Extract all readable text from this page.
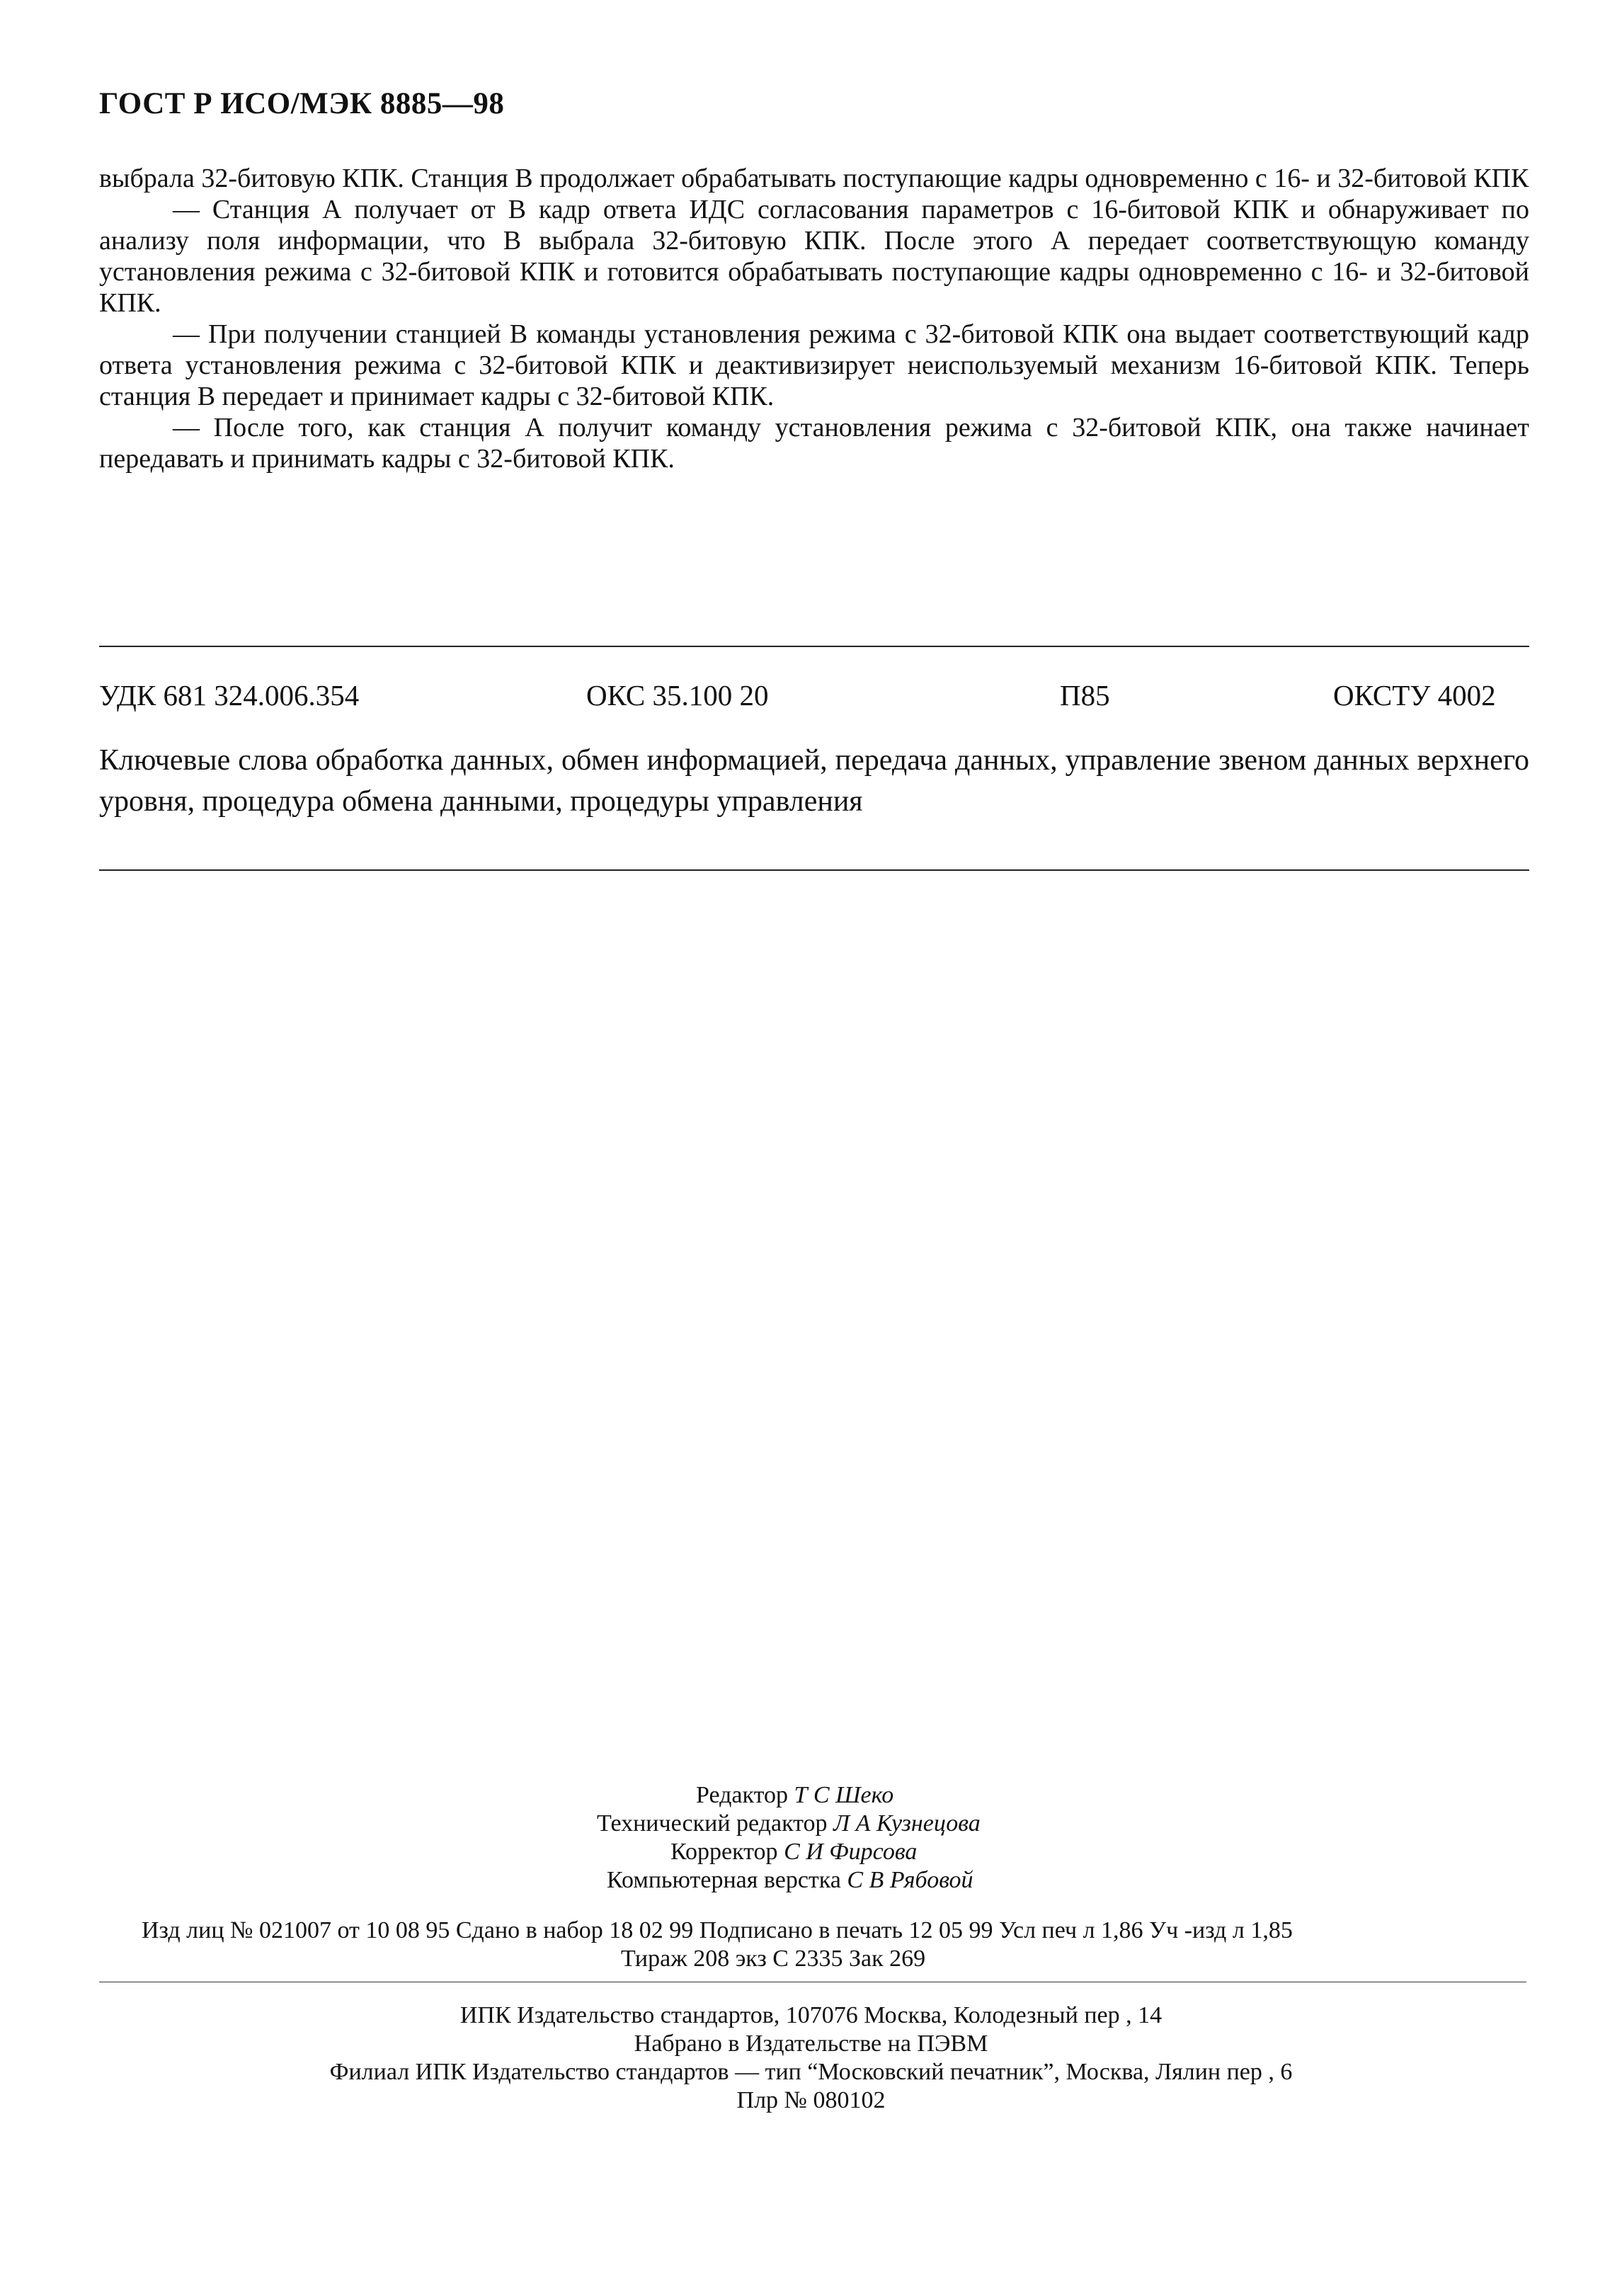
ГОСТ Р ИСО/МЭК 8885—98

выбрала 32-битовую КПК. Станция В продолжает обрабатывать поступающие кадры одновременно с 16- и 32-битовой КПК

— Станция А получает от В кадр ответа ИДС согласования параметров с 16-битовой КПК и обнаруживает по анализу поля информации, что В выбрала 32-битовую КПК. После этого А передает соответствующую команду установления режима с 32-битовой КПК и готовится обрабатывать поступающие кадры одновременно с 16- и 32-битовой КПК.

— При получении станцией В команды установления режима с 32-битовой КПК она выдает соответствующий кадр ответа установления режима с 32-битовой КПК и деактивизирует неиспользуемый механизм 16-битовой КПК. Теперь станция В передает и принимает кадры с 32-битовой КПК.

— После того, как станция А получит команду установления режима с 32-битовой КПК, она также начинает передавать и принимать кадры с 32-битовой КПК.

УДК 681 324.006.354	ОКС 35.100 20	П85	ОКСТУ 4002
Ключевые слова обработка данных, обмен информацией, передача данных, управление звеном данных верхнего уровня, процедура обмена данными, процедуры управления
Редактор Т С Шеко
Технический редактор Л А Кузнецова
Корректор С И Фирсова
Компьютерная верстка С В Рябовой
Изд лиц № 021007 от 10 08 95 Сдано в набор 18 02 99 Подписано в печать 12 05 99 Усл печ л 1,86 Уч -изд л 1,85
Тираж 208 экз С 2335 Зак 269
ИПК Издательство стандартов, 107076 Москва, Колодезный пер , 14
Набрано в Издательстве на ПЭВМ
Филиал ИПК Издательство стандартов — тип “Московский печатник”, Москва, Лялин пер , 6
Плр № 080102
